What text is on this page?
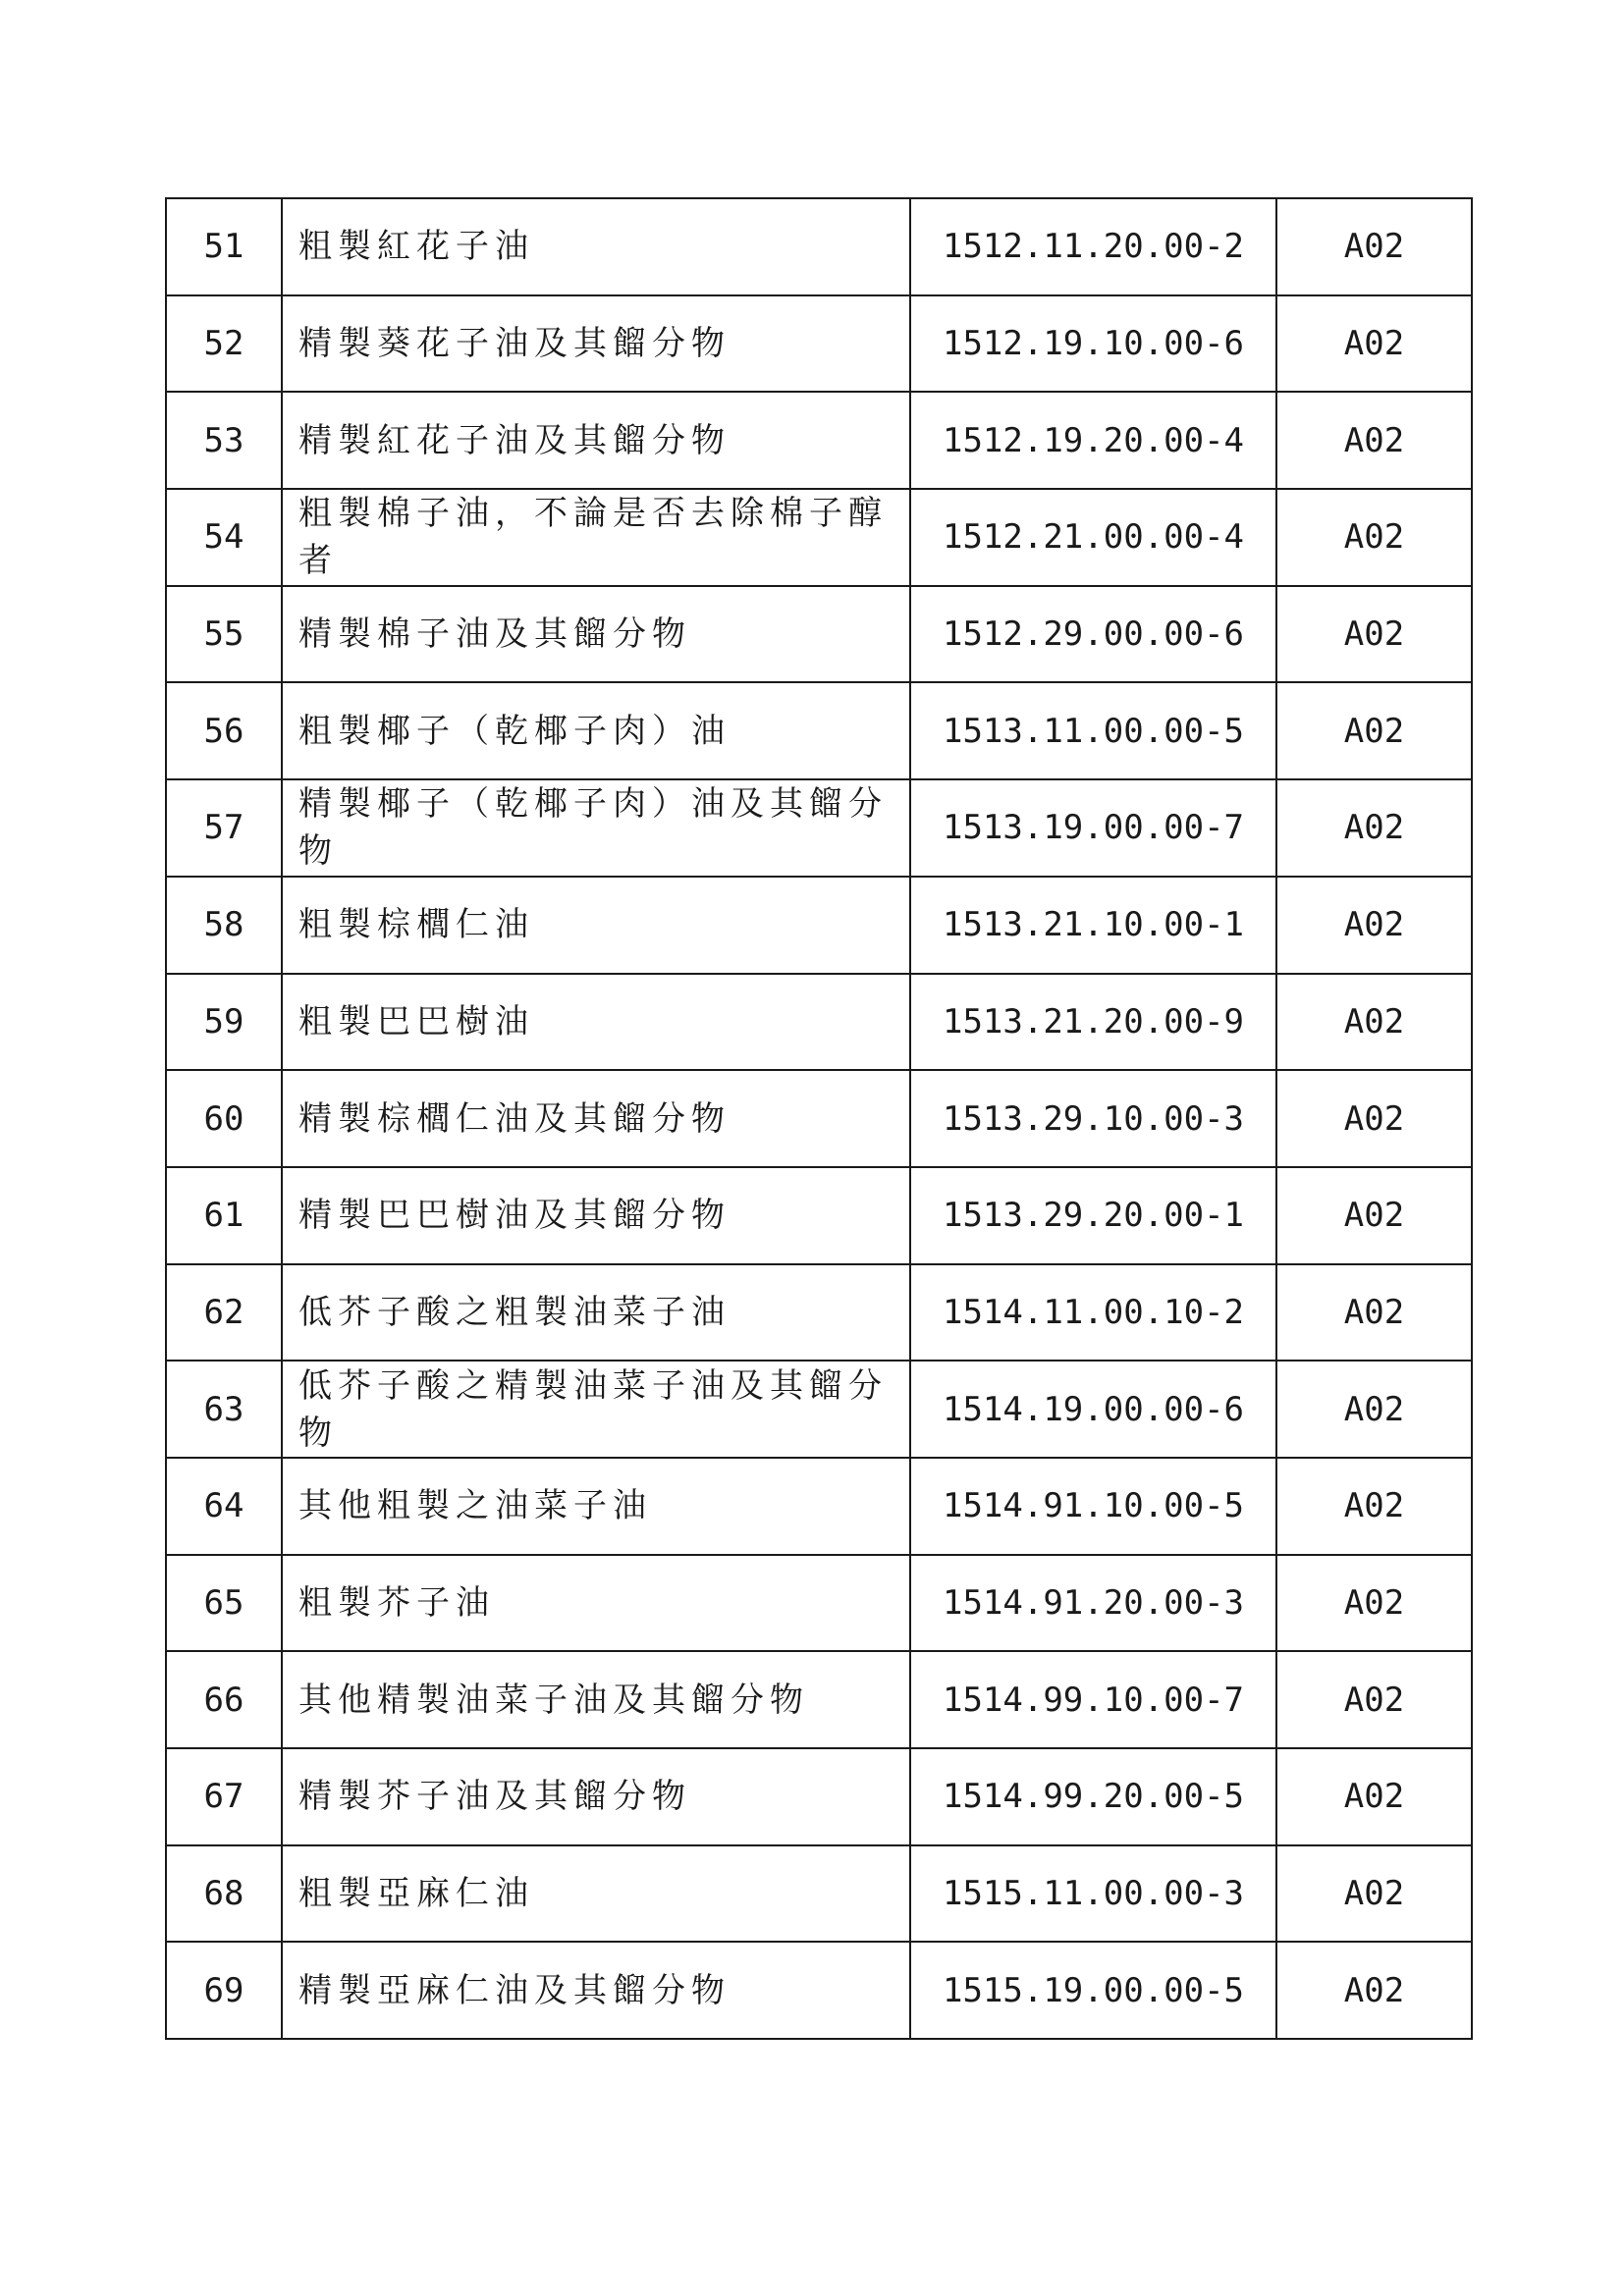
51	粗製紅花子油	1512.11.20.00-2	A02
52	精製葵花子油及其餾分物	1512.19.10.00-6	A02
53	精製紅花子油及其餾分物	1512.19.20.00-4	A02
54	粗製棉子油，不論是否去除棉子醇者	1512.21.00.00-4	A02
55	精製棉子油及其餾分物	1512.29.00.00-6	A02
56	粗製椰子（乾椰子肉）油	1513.11.00.00-5	A02
57	精製椰子（乾椰子肉）油及其餾分物	1513.19.00.00-7	A02
58	粗製棕櫚仁油	1513.21.10.00-1	A02
59	粗製巴巴樹油	1513.21.20.00-9	A02
60	精製棕櫚仁油及其餾分物	1513.29.10.00-3	A02
61	精製巴巴樹油及其餾分物	1513.29.20.00-1	A02
62	低芥子酸之粗製油菜子油	1514.11.00.10-2	A02
63	低芥子酸之精製油菜子油及其餾分物	1514.19.00.00-6	A02
64	其他粗製之油菜子油	1514.91.10.00-5	A02
65	粗製芥子油	1514.91.20.00-3	A02
66	其他精製油菜子油及其餾分物	1514.99.10.00-7	A02
67	精製芥子油及其餾分物	1514.99.20.00-5	A02
68	粗製亞麻仁油	1515.11.00.00-3	A02
69	精製亞麻仁油及其餾分物	1515.19.00.00-5	A02
